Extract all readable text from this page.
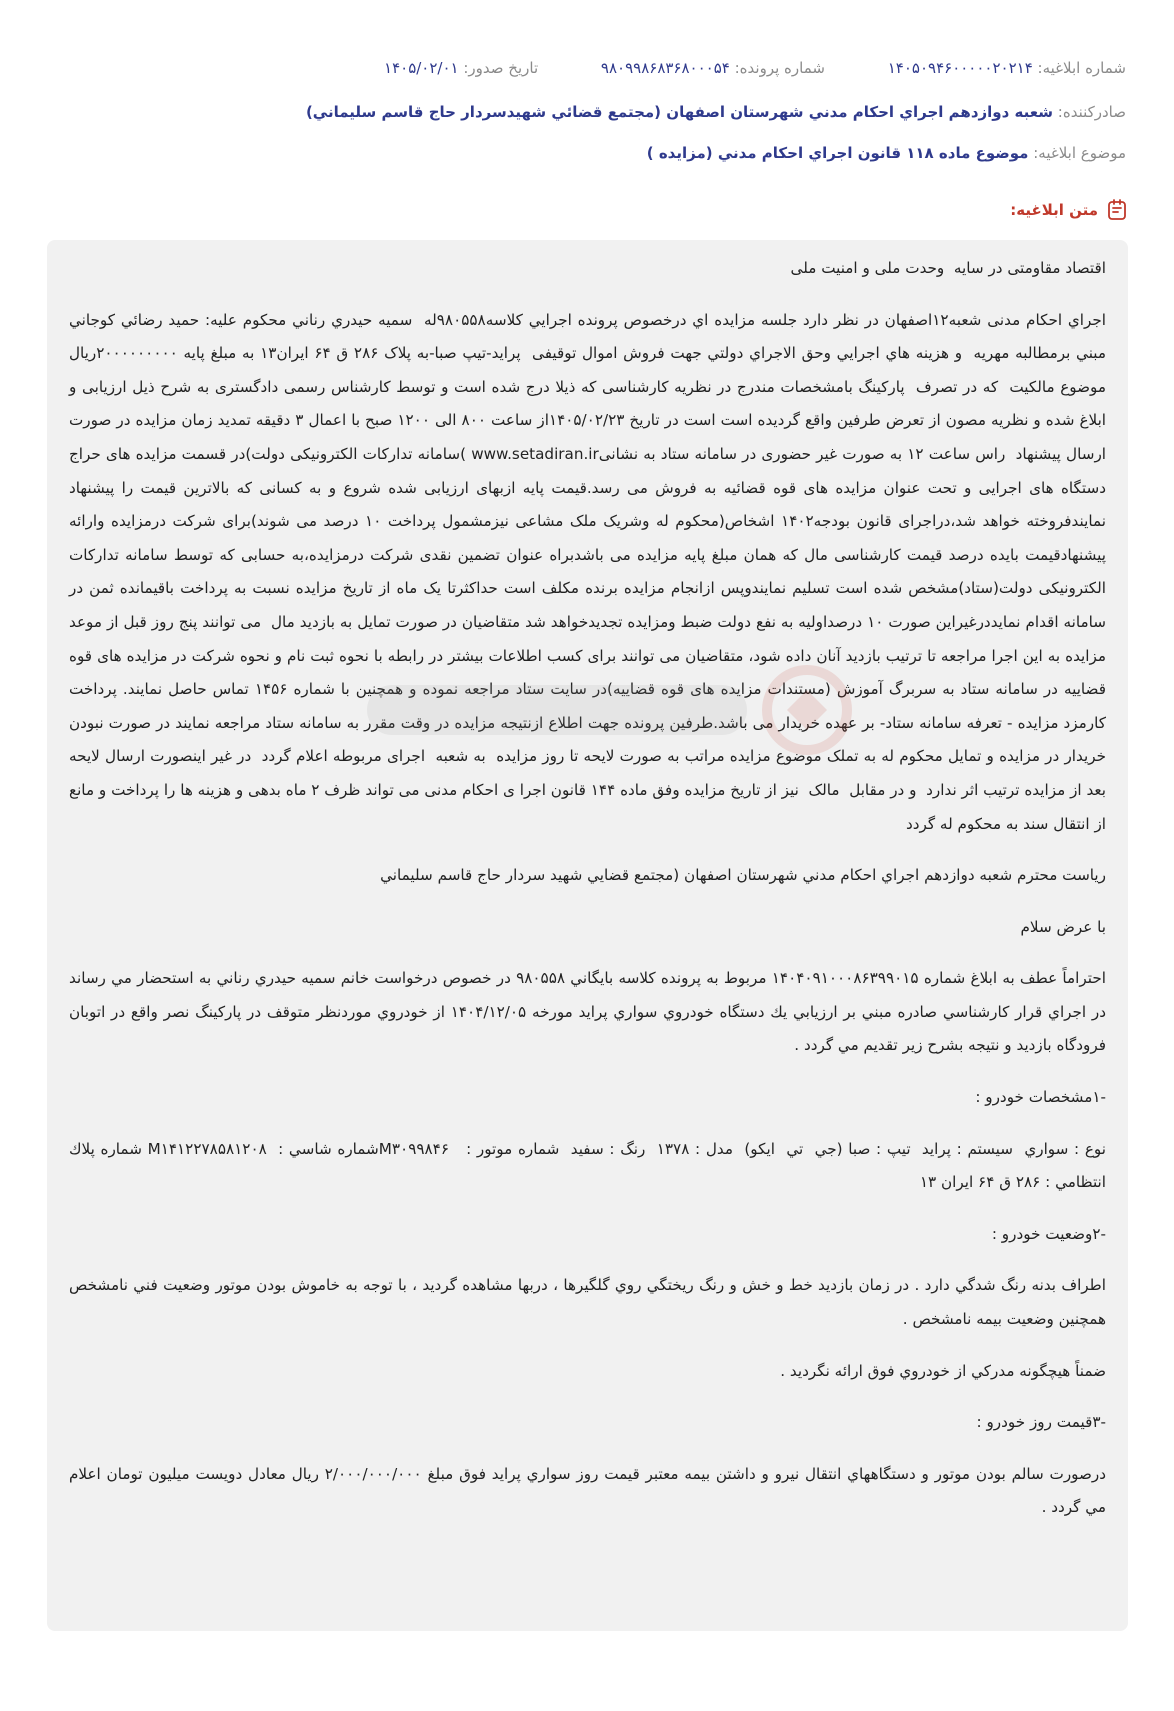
شماره ابلاغیه: ۱۴۰۵۰۹۴۶۰۰۰۰۰۲۰۲۱۴ شماره پرونده: ۹۸۰۹۹۸۶۸۳۶۸۰۰۰۵۴ تاریخ صدور: ۱۴۰۵/۰۲/۰۱
صادرکننده: شعبه دوازدهم اجراي احکام مدني شهرستان اصفهان (مجتمع قضائي شهيدسردار حاج قاسم سليماني)
موضوع ابلاغیه: موضوع ماده ۱۱۸ قانون اجراي احکام مدني (مزايده )
متن ابلاغیه:

اقتصاد مقاومتی در سایه  وحدت ملی و امنیت ملی

اجراي احکام مدنی شعبه۱۲اصفهان در نظر دارد جلسه مزایده اي درخصوص پرونده اجرایي کلاسه۹۸۰۵۵۸له  سمیه حیدري رناني محکوم علیه: حمید رضائي کوجاني مبني برمطالبه مهریه  و هزینه هاي اجرایي وحق الاجراي دولتي جهت فروش اموال توقیفی  پراید-تیپ صبا-به پلاک ۲۸۶ ق ۶۴ ایران۱۳ به مبلغ پایه ۲۰۰۰۰۰۰۰۰۰ریال موضوع مالکیت  که در تصرف  پارکینگ بامشخصات مندرج در نظریه کارشناسی که ذیلا درج شده است و توسط کارشناس رسمی دادگستری به شرح ذیل ارزیابی و ابلاغ شده و نظریه مصون از تعرض طرفین واقع گردیده است است در تاریخ ۱۴۰۵/۰۲/۲۳از ساعت ۸۰۰ الی ۱۲۰۰ صبح با اعمال ۳ دقیقه تمدید زمان مزایده در صورت ارسال پیشنهاد  راس ساعت ۱۲ به صورت غیر حضوری در سامانه ستاد به نشانیwww.setadiran.ir )سامانه تدارکات الکترونیکی دولت)در قسمت مزایده های حراج دستگاه های اجرایی و تحت عنوان مزایده های قوه قضائیه به فروش می رسد.قیمت پایه ازبهای ارزیابی شده شروع و به کسانی که بالاترین قیمت را پیشنهاد نمایندفروخته خواهد شد،دراجرای قانون بودجه۱۴۰۲ اشخاص(محکوم له وشریک ملک مشاعی نیزمشمول پرداخت ۱۰ درصد می شوند)برای شرکت درمزایده وارائه پیشنهادقیمت بایده درصد قیمت کارشناسی مال که همان مبلغ پایه مزایده می باشدبراه عنوان تضمین نقدی شرکت درمزایده،به حسابی که توسط سامانه تدارکات الکترونیکی دولت(ستاد)مشخص شده است تسلیم نمایندوپس ازانجام مزایده برنده مکلف است حداکثرتا یک ماه از تاریخ مزایده نسبت به پرداخت باقیمانده ثمن در سامانه اقدام نمایددرغیراین صورت ۱۰ درصداولیه به نفع دولت ضبط ومزایده تجدیدخواهد شد متقاضیان در صورت تمایل به بازدید مال  می توانند پنج روز قبل از موعد مزایده به این اجرا مراجعه تا ترتیب بازدید آنان داده شود، متقاضیان می توانند برای کسب اطلاعات بیشتر در رابطه با نحوه ثبت نام و نحوه شرکت در مزایده های قوه قضاییه در سامانه ستاد به سربرگ آموزش (مستندات مزایده های قوه قضاییه)در سایت ستاد مراجعه نموده و همچنین با شماره ۱۴۵۶ تماس حاصل نمایند. پرداخت کارمزد مزایده - تعرفه سامانه ستاد- بر عهده خریدار می باشد.طرفین پرونده جهت اطلاع ازنتیجه مزایده در وقت مقرر به سامانه ستاد مراجعه نمایند در صورت نبودن خریدار در مزایده و تمایل محکوم له به تملک موضوع مزایده مراتب به صورت لایحه تا روز مزایده  به شعبه  اجرای مربوطه اعلام گردد  در غیر اینصورت ارسال لایحه بعد از مزایده ترتیب اثر ندارد  و در مقابل  مالک  نیز از تاریخ مزایده وفق ماده ۱۴۴ قانون اجرا ی احکام مدنی می تواند ظرف ۲ ماه بدهی و هزینه ها را پرداخت و مانع از انتقال سند به محکوم له گردد

رياست محترم شعبه دوازدهم اجراي احکام مدني شهرستان اصفهان (مجتمع قضايي شهيد سردار حاج قاسم سليماني

با عرض سلام

احتراماً عطف به ابلاغ شماره ۱۴۰۴۰۹۱۰۰۰۸۶۳۹۹۰۱۵ مربوط به پرونده كلاسه بايگاني ۹۸۰۵۵۸ در خصوص درخواست خانم سميه حيدري رناني به استحضار مي رساند در اجراي قرار كارشناسي صادره مبني بر ارزيابي يك دستگاه خودروي سواري پرايد مورخه ۱۴۰۴/۱۲/۰۵ از خودروي موردنظر متوقف در پاركينگ نصر واقع در اتوبان فرودگاه بازديد و نتيجه بشرح زير تقديم مي گردد .

-۱مشخصات خودرو :

نوع : سواري  سيستم : پرايد  تيپ : صبا (جي  تي  ايكو)  مدل : ۱۳۷۸  رنگ : سفيد  شماره موتور :   M۳۰۹۹۸۴۶شماره شاسي :  M۱۴۱۲۲۷۸۵۸۱۲۰۸ شماره پلاك انتظامي : ۲۸۶ ق ۶۴ ايران ۱۳

-۲وضعيت خودرو :

اطراف بدنه رنگ شدگي دارد . در زمان بازديد خط و خش و رنگ ريختگي روي گلگيرها ، دربها مشاهده گرديد ، با توجه به خاموش بودن موتور وضعيت فني نامشخص  همچنين وضعيت بيمه نامشخص .

ضمناً هيچگونه مدركي از خودروي فوق ارائه نگرديد .

-۳قيمت روز خودرو :

درصورت سالم بودن موتور و دستگاههاي انتقال نيرو و داشتن بيمه معتبر قيمت روز سواري پرايد فوق مبلغ ۲/۰۰۰/۰۰۰/۰۰۰ ريال معادل دويست ميليون تومان اعلام مي گردد .
